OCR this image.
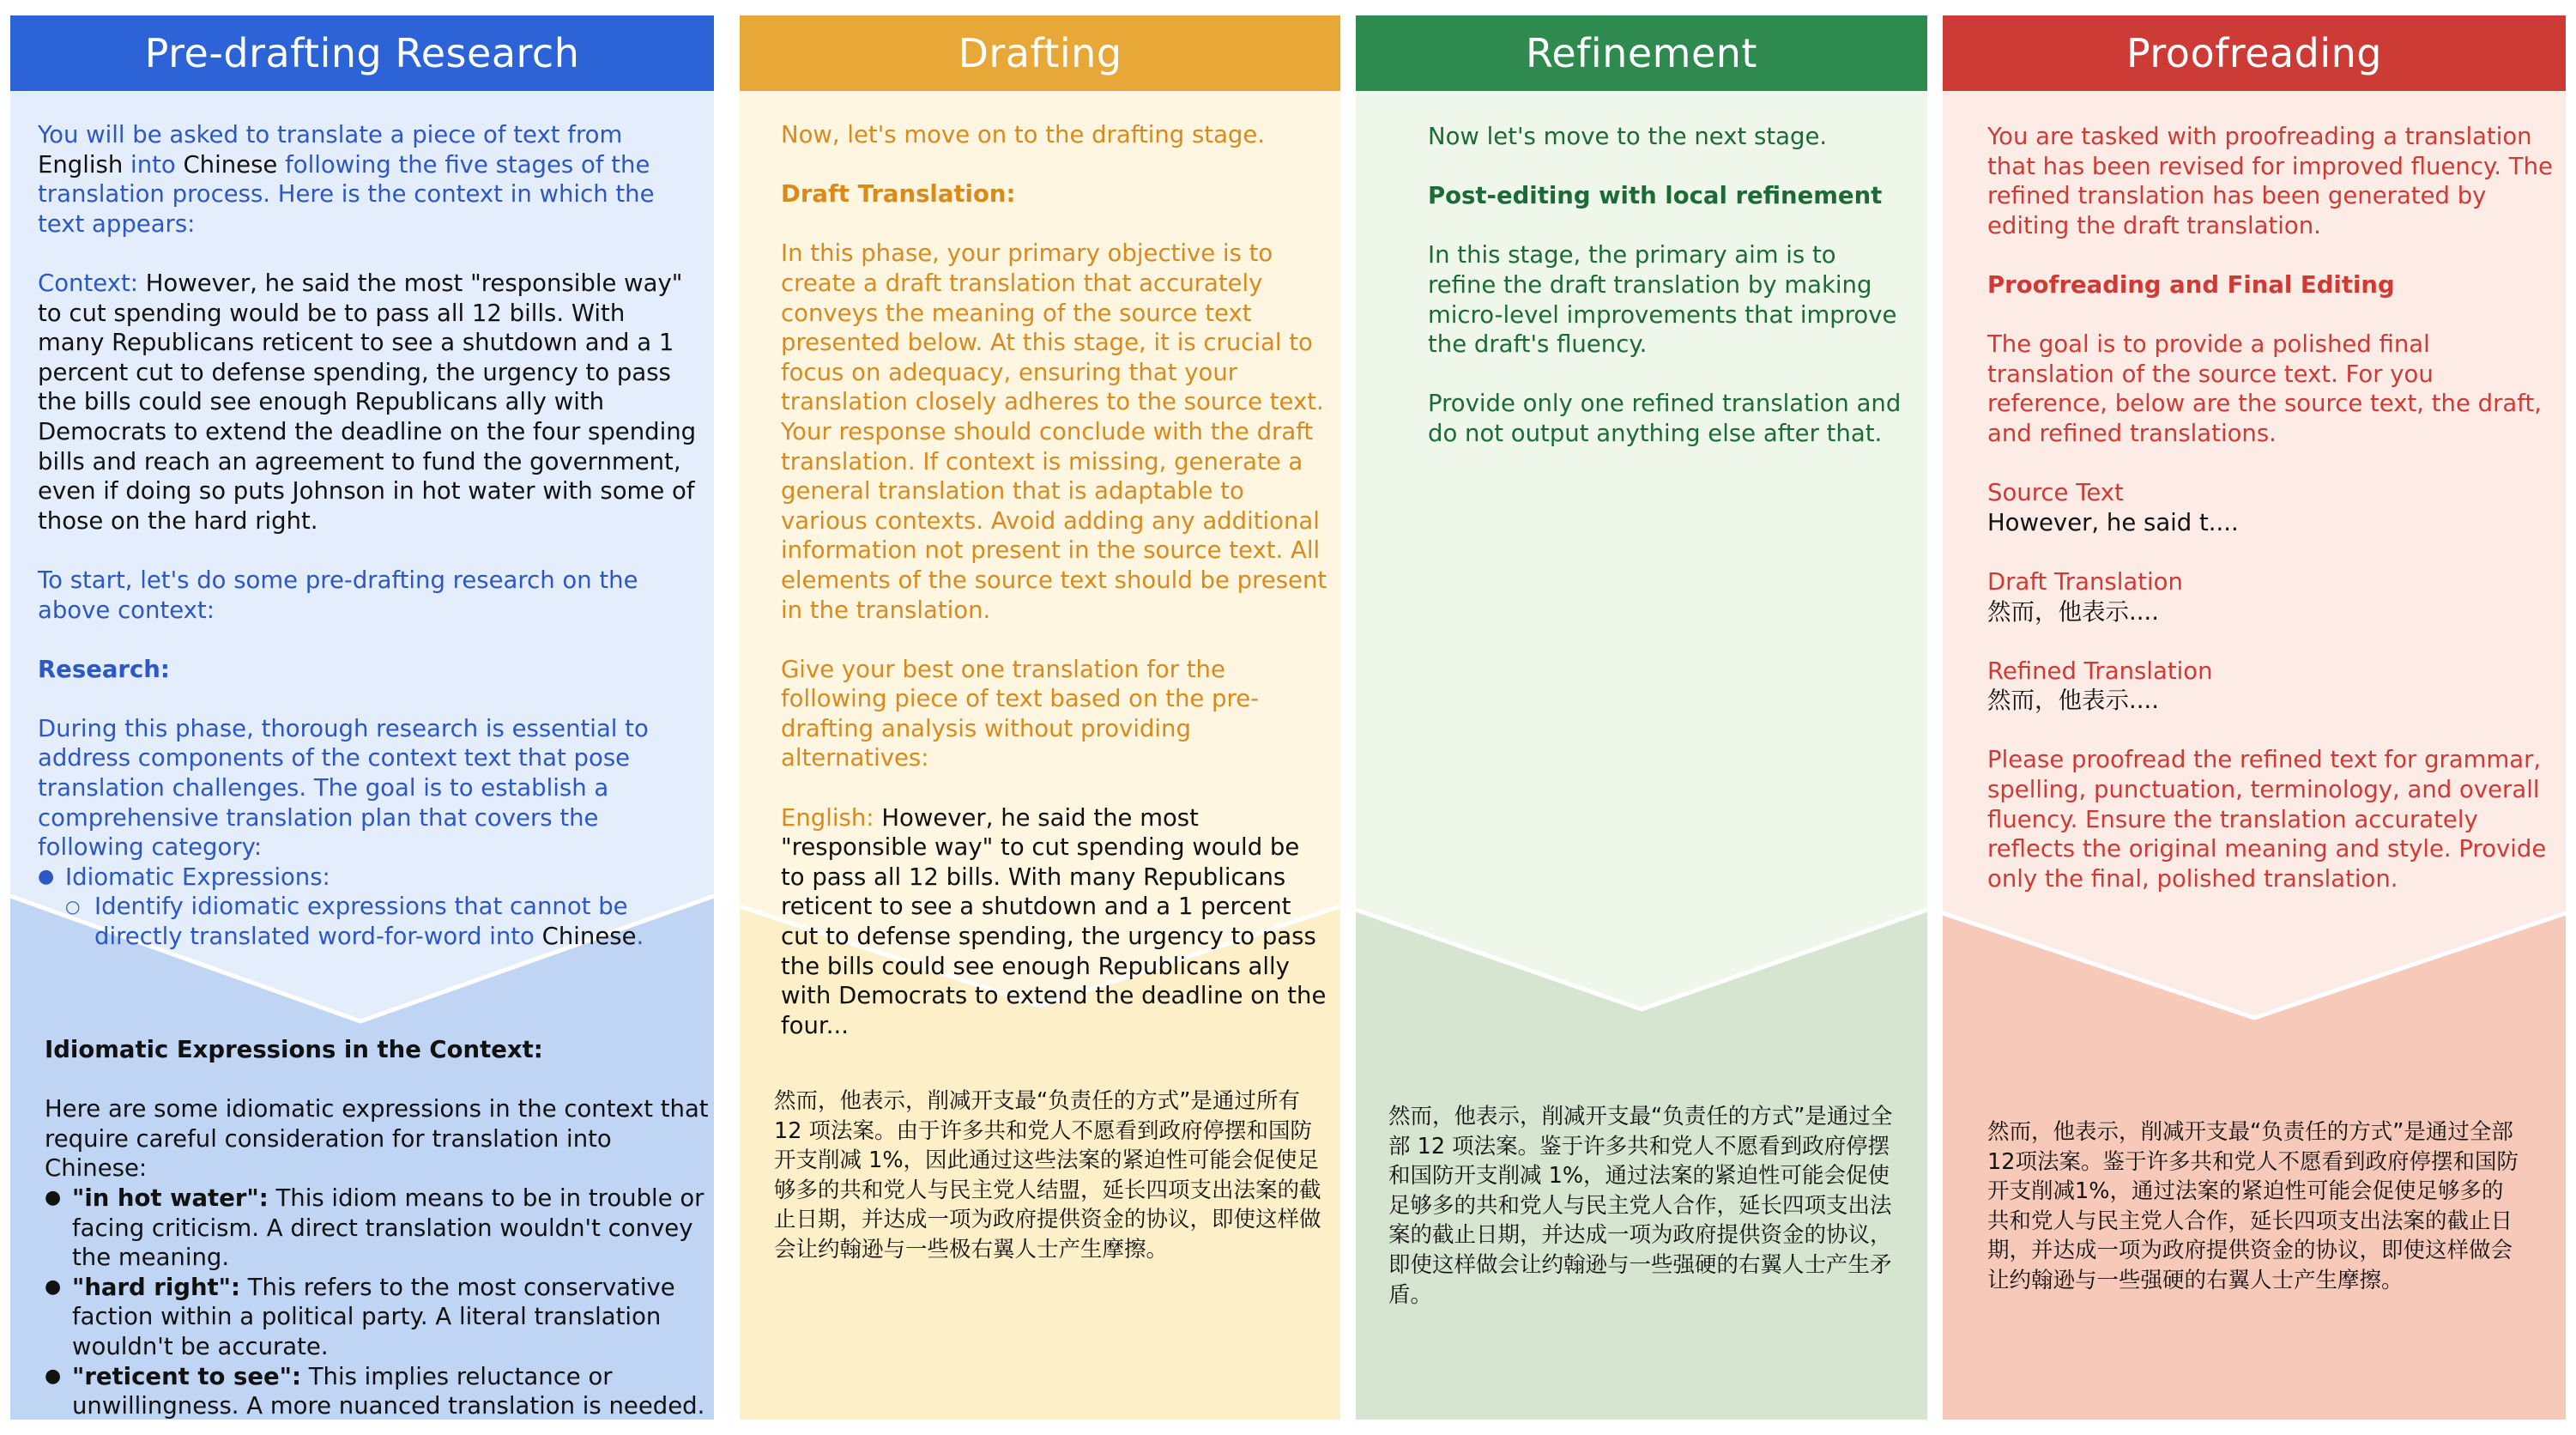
Pre-drafting Research

You will be asked to translate a piece of text from English into Chinese following the five stages of the translation process. Here is the context in which the text appears:

Context: However, he said the most "responsible way" to cut spending would be to pass all 12 bills. With many Republicans reticent to see a shutdown and a 1 percent cut to defense spending, the urgency to pass the bills could see enough Republicans ally with Democrats to extend the deadline on the four spending bills and reach an agreement to fund the government, even if doing so puts Johnson in hot water with some of those on the hard right.

To start, let's do some pre-drafting research on the above context:

Research:

During this phase, thorough research is essential to address components of the context text that pose translation challenges. The goal is to establish a comprehensive translation plan that covers the following category:

● Idiomatic Expressions:
○ Identify idiomatic expressions that cannot be directly translated word-for-word into Chinese.

Idiomatic Expressions in the Context:

Here are some idiomatic expressions in the context that require careful consideration for translation into Chinese:

● "in hot water": This idiom means to be in trouble or facing criticism. A direct translation wouldn't convey the meaning.
● "hard right": This refers to the most conservative faction within a political party. A literal translation wouldn't be accurate.
● "reticent to see": This implies reluctance or unwillingness. A more nuanced translation is needed.
Drafting

Now, let's move on to the drafting stage.

Draft Translation:

In this phase, your primary objective is to create a draft translation that accurately conveys the meaning of the source text presented below. At this stage, it is crucial to focus on adequacy, ensuring that your translation closely adheres to the source text. Your response should conclude with the draft translation. If context is missing, generate a general translation that is adaptable to various contexts. Avoid adding any additional information not present in the source text. All elements of the source text should be present in the translation.

Give your best one translation for the following piece of text based on the pre-drafting analysis without providing alternatives:

English: However, he said the most "responsible way" to cut spending would be to pass all 12 bills. With many Republicans reticent to see a shutdown and a 1 percent cut to defense spending, the urgency to pass the bills could see enough Republicans ally with Democrats to extend the deadline on the four...

然而，他表示，削减开支最“负责任的方式”是通过所有 12 项法案。由于许多共和党人不愿看到政府停摆和国防开支削减 1%，因此通过这些法案的紧迫性可能会促使足够多的共和党人与民主党人结盟，延长四项支出法案的截止日期，并达成一项为政府提供资金的协议，即使这样做会让约翰逊与一些极右翼人士产生摩擦。

Refinement

Now let's move to the next stage.

Post-editing with local refinement

In this stage, the primary aim is to refine the draft translation by making micro-level improvements that improve the draft's fluency.

Provide only one refined translation and do not output anything else after that.

然而，他表示，削减开支最“负责任的方式”是通过全部 12 项法案。鉴于许多共和党人不愿看到政府停摆和国防开支削减 1%，通过法案的紧迫性可能会促使足够多的共和党人与民主党人合作，延长四项支出法案的截止日期，并达成一项为政府提供资金的协议，即使这样做会让约翰逊与一些强硬的右翼人士产生矛盾。

Proofreading

You are tasked with proofreading a translation that has been revised for improved fluency. The refined translation has been generated by editing the draft translation.

Proofreading and Final Editing

The goal is to provide a polished final translation of the source text. For you reference, below are the source text, the draft, and refined translations.

Source Text

However, he said t....

Draft Translation

然而，他表示....

Refined Translation

然而，他表示....

Please proofread the refined text for grammar, spelling, punctuation, terminology, and overall fluency. Ensure the translation accurately reflects the original meaning and style. Provide only the final, polished translation.

然而，他表示，削减开支最“负责任的方式”是通过全部12项法案。鉴于许多共和党人不愿看到政府停摆和国防开支削减1%，通过法案的紧迫性可能会促使足够多的共和党人与民主党人合作，延长四项支出法案的截止日期，并达成一项为政府提供资金的协议，即使这样做会让约翰逊与一些强硬的右翼人士产生摩擦。
